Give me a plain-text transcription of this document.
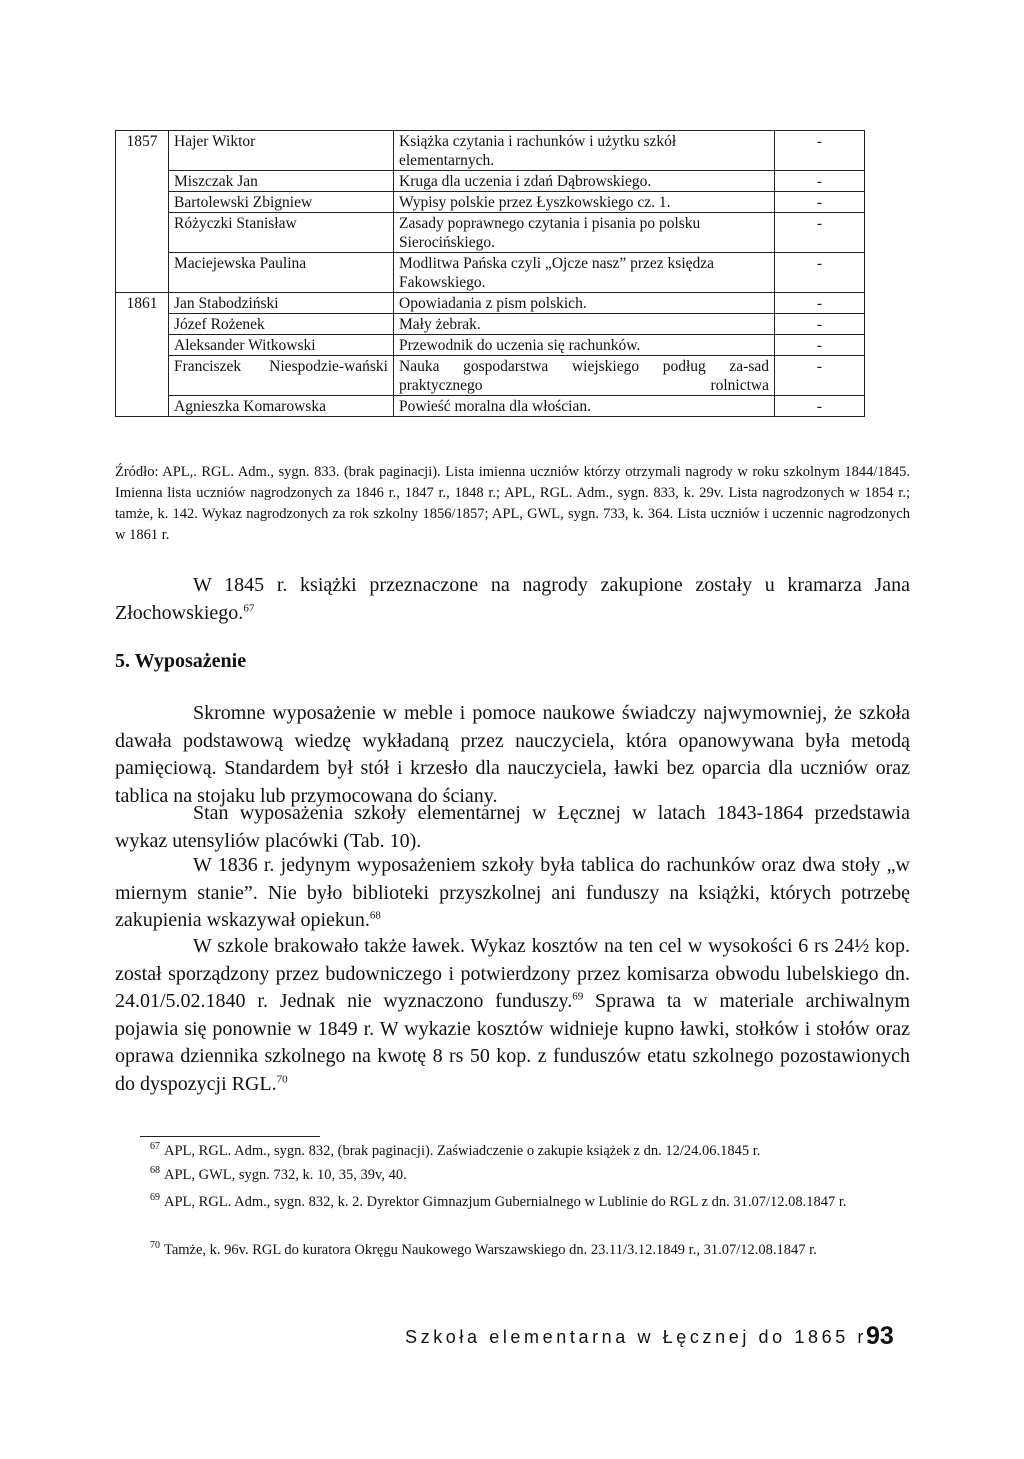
1857	Hajer Wiktor	Książka czytania i rachunków i użytku szkół elementarnych.	-
	Miszczak Jan	Kruga dla uczenia i zdań Dąbrowskiego.	-
	Bartolewski Zbigniew	Wypisy polskie przez Łyszkowskiego cz. 1.	-
	Różyczki Stanisław	Zasady poprawnego czytania i pisania po polsku Sierocińskiego.	-
	Maciejewska Paulina	Modlitwa Pańska czyli „Ojcze nasz” przez księdza Fakowskiego.	-
1861	Jan Stabodziński	Opowiadania z pism polskich.	-
	Józef Rożenek	Mały żebrak.	-
	Aleksander Witkowski	Przewodnik do uczenia się rachunków.	-
	Franciszek Niespodzie-wański	Nauka gospodarstwa wiejskiego podług za-sad praktycznego rolnictwa	-
	Agnieszka Komarowska	Powieść moralna dla włościan.	-

Źródło: APL,. RGL. Adm., sygn. 833. (brak paginacji). Lista imienna uczniów którzy otrzymali nagrody w roku szkolnym 1844/1845. Imienna lista uczniów nagrodzonych za 1846 r., 1847 r., 1848 r.; APL, RGL. Adm., sygn. 833, k. 29v. Lista nagrodzonych w 1854 r.; tamże, k. 142. Wykaz nagrodzonych za rok szkolny 1856/1857; APL, GWL, sygn. 733, k. 364. Lista uczniów i uczennic nagrodzonych w 1861 r.

W 1845 r. książki przeznaczone na nagrody zakupione zostały u kramarza Jana Złochowskiego.$^{67}$

5. Wyposażenie

Skromne wyposażenie w meble i pomoce naukowe świadczy najwymowniej, że szkoła dawała podstawową wiedzę wykładaną przez nauczyciela, która opanowywana była metodą pamięciową. Standardem był stół i krzesło dla nauczyciela, ławki bez oparcia dla uczniów oraz tablica na stojaku lub przymocowana do ściany.

Stan wyposażenia szkoły elementarnej w Łęcznej w latach 1843-1864 przedstawia wykaz utensyliów placówki (Tab. 10).

W 1836 r. jedynym wyposażeniem szkoły była tablica do rachunków oraz dwa stoły „w miernym stanie”. Nie było biblioteki przyszkolnej ani funduszy na książki, których potrzebę zakupienia wskazywał opiekun.$^{68}$

W szkole brakowało także ławek. Wykaz kosztów na ten cel w wysokości 6 rs 24½ kop. został sporządzony przez budowniczego i potwierdzony przez komisarza obwodu lubelskiego dn. 24.01/5.02.1840 r. Jednak nie wyznaczono funduszy.$^{69}$ Sprawa ta w materiale archiwalnym pojawia się ponownie w 1849 r. W wykazie kosztów widnieje kupno ławki, stołków i stołów oraz oprawa dziennika szkolnego na kwotę 8 rs 50 kop. z funduszów etatu szkolnego pozostawionych do dyspozycji RGL.$^{70}$

$^{67}$ APL, RGL. Adm., sygn. 832, (brak paginacji). Zaświadczenie o zakupie książek z dn. 12/24.06.1845 r.

$^{68}$ APL, GWL, sygn. 732, k. 10, 35, 39v, 40.

$^{69}$ APL, RGL. Adm., sygn. 832, k. 2. Dyrektor Gimnazjum Gubernialnego w Lublinie do RGL z dn. 31.07/12.08.1847 r.

$^{70}$ Tamże, k. 96v. RGL do kuratora Okręgu Naukowego Warszawskiego dn. 23.11/3.12.1849 r., 31.07/12.08.1847 r.

Szkoła elementarna w Łęcznej do 1865 r.

93
